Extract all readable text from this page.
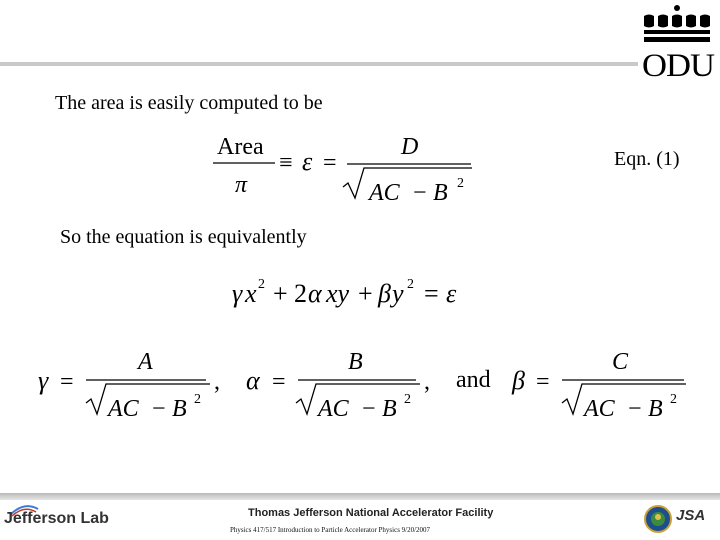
ODU
The area is easily computed to be
Area
π
≡ ε =
D
AC − B 2
Eqn. (1)
So the equation is equivalently
γ x 2 + 2 α xy + β y 2 = ε
γ =
A
AC − B 2
, α =
B
AC − B 2
, and β =
C
AC − B 2
Jefferson Lab	Thomas Jefferson National Accelerator Facility
Physics 417/517 Introduction to Particle Accelerator Physics 9/20/2007
JSA
